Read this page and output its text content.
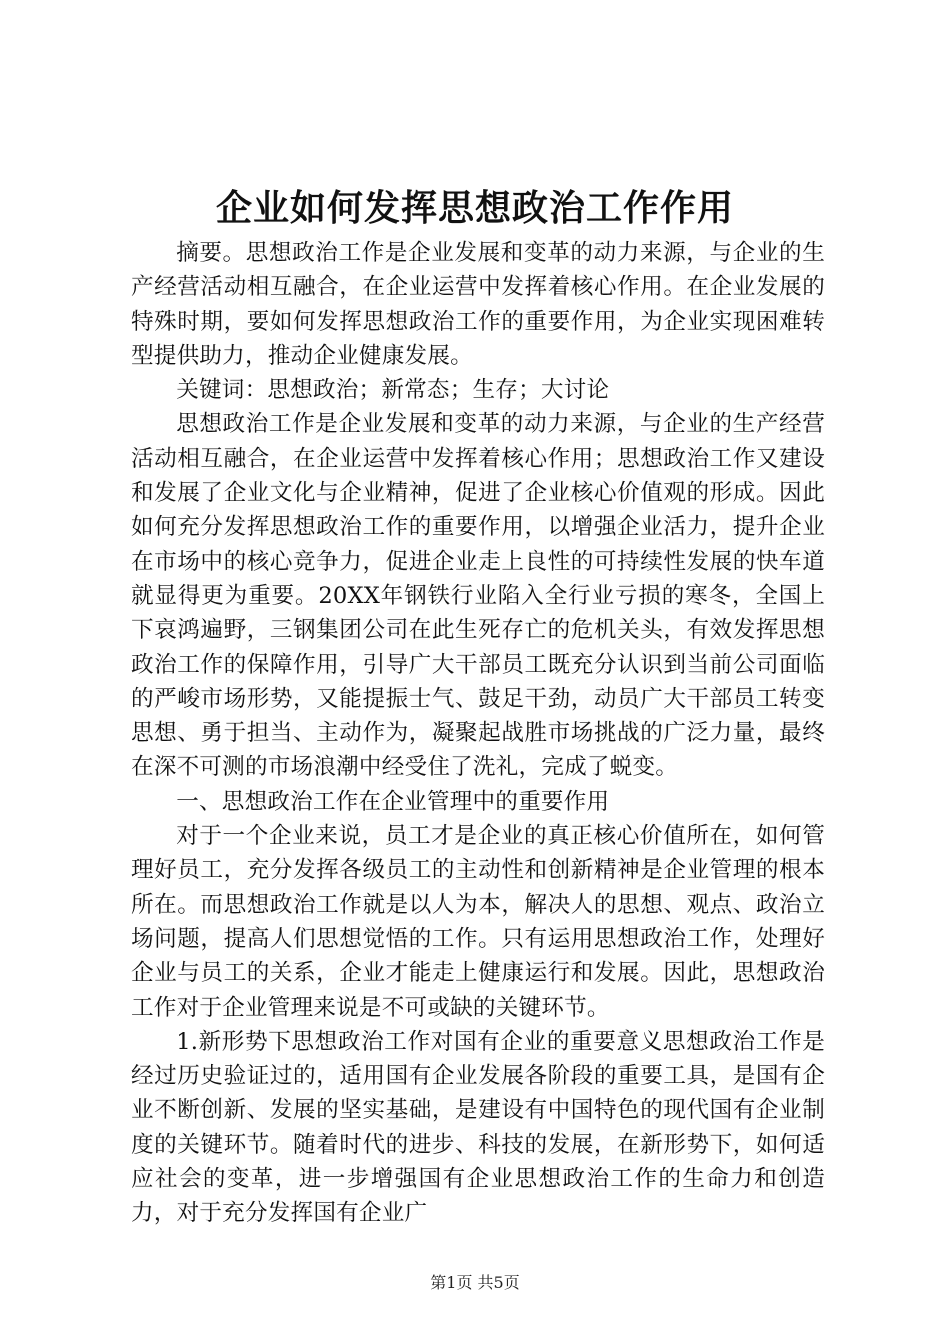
企业如何发挥思想政治工作作用

摘要。思想政治工作是企业发展和变革的动力来源，与企业的生产经营活动相互融合，在企业运营中发挥着核心作用。在企业发展的特殊时期，要如何发挥思想政治工作的重要作用，为企业实现困难转型提供助力，推动企业健康发展。

关键词：思想政治；新常态；生存；大讨论

思想政治工作是企业发展和变革的动力来源，与企业的生产经营活动相互融合，在企业运营中发挥着核心作用；思想政治工作又建设和发展了企业文化与企业精神，促进了企业核心价值观的形成。因此如何充分发挥思想政治工作的重要作用，以增强企业活力，提升企业在市场中的核心竞争力，促进企业走上良性的可持续性发展的快车道就显得更为重要。20XX年钢铁行业陷入全行业亏损的寒冬，全国上下哀鸿遍野，三钢集团公司在此生死存亡的危机关头，有效发挥思想政治工作的保障作用，引导广大干部员工既充分认识到当前公司面临的严峻市场形势，又能提振士气、鼓足干劲，动员广大干部员工转变思想、勇于担当、主动作为，凝聚起战胜市场挑战的广泛力量，最终在深不可测的市场浪潮中经受住了洗礼，完成了蜕变。

一、思想政治工作在企业管理中的重要作用

对于一个企业来说，员工才是企业的真正核心价值所在，如何管理好员工，充分发挥各级员工的主动性和创新精神是企业管理的根本所在。而思想政治工作就是以人为本，解决人的思想、观点、政治立场问题，提高人们思想觉悟的工作。只有运用思想政治工作，处理好企业与员工的关系，企业才能走上健康运行和发展。因此，思想政治工作对于企业管理来说是不可或缺的关键环节。

1.新形势下思想政治工作对国有企业的重要意义思想政治工作是经过历史验证过的，适用国有企业发展各阶段的重要工具，是国有企业不断创新、发展的坚实基础，是建设有中国特色的现代国有企业制度的关键环节。随着时代的进步、科技的发展，在新形势下，如何适应社会的变革，进一步增强国有企业思想政治工作的生命力和创造力，对于充分发挥国有企业广

第1页 共5页
